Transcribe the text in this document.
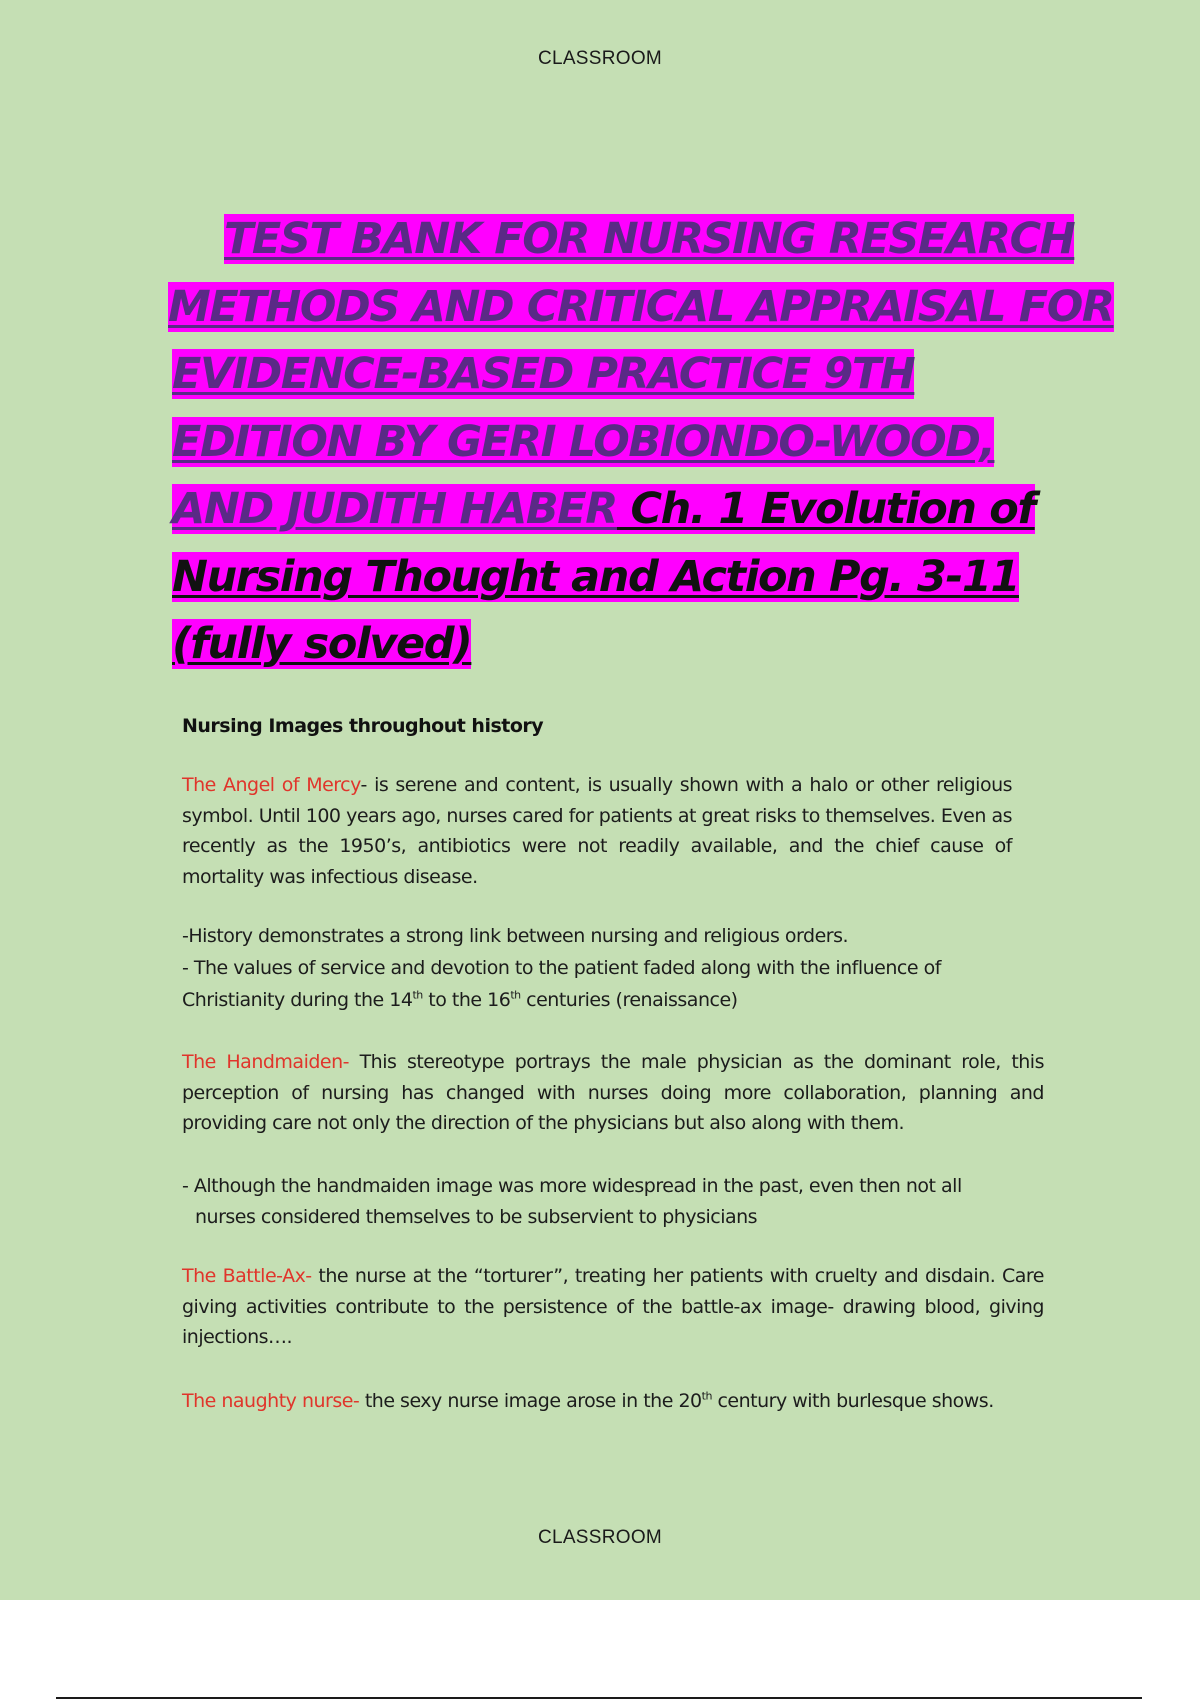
CLASSROOM
TEST BANK FOR NURSING RESEARCH
METHODS AND CRITICAL APPRAISAL FOR
EVIDENCE-BASED PRACTICE 9TH
EDITION BY GERI LOBIONDO-WOOD,
AND JUDITH HABER Ch. 1 Evolution of
Nursing Thought and Action Pg. 3-11
(fully solved)
Nursing Images throughout history
The Angel of Mercy- is serene and content, is usually shown with a halo or other religious symbol. Until 100 years ago, nurses cared for patients at great risks to themselves. Even as recently as the 1950’s, antibiotics were not readily available, and the chief cause of mortality was infectious disease.
-History demonstrates a strong link between nursing and religious orders.
- The values of service and devotion to the patient faded along with the influence of
Christianity during the 14th to the 16th centuries (renaissance)
The Handmaiden- This stereotype portrays the male physician as the dominant role, this perception of nursing has changed with nurses doing more collaboration, planning and providing care not only the direction of the physicians but also along with them.
- Although the handmaiden image was more widespread in the past, even then not all
nurses considered themselves to be subservient to physicians
The Battle-Ax- the nurse at the “torturer”, treating her patients with cruelty and disdain. Care giving activities contribute to the persistence of the battle-ax image- drawing blood, giving injections….
The naughty nurse- the sexy nurse image arose in the 20th century with burlesque shows.
CLASSROOM
